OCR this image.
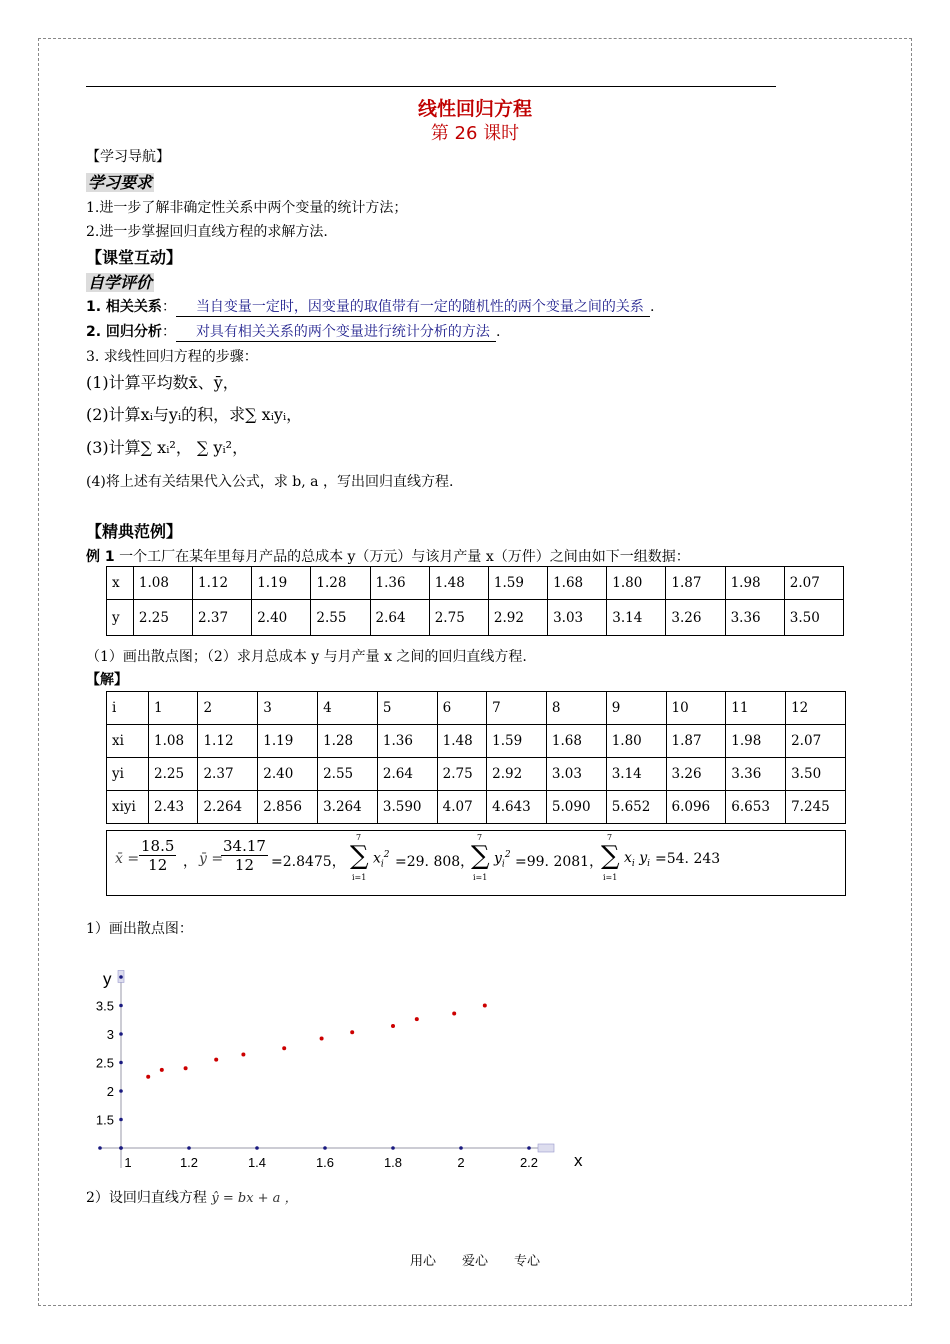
线性回归方程
第 26 课时
【学习导航】
学习要求
1.进一步了解非确定性关系中两个变量的统计方法；
2.进一步掌握回归直线方程的求解方法.
【课堂互动】
自学评价
1. 相关关系： 当自变量一定时，因变量的取值带有一定的随机性的两个变量之间的关系 .
2. 回归分析： 对具有相关关系的两个变量进行统计分析的方法 .
3. 求线性回归方程的步骤：
(1)计算平均数x̄、ȳ，
(2)计算xᵢ与yᵢ的积，求∑ xᵢyᵢ，
(3)计算∑ xᵢ²， ∑ yᵢ²，
(4)将上述有关结果代入公式，求 b, a ，写出回归直线方程.
【精典范例】
例 1 一个工厂在某年里每月产品的总成本 y（万元）与该月产量 x（万件）之间由如下一组数据：
x	1.08	1.12	1.19	1.28	1.36	1.48	1.59	1.68	1.80	1.87	1.98	2.07
y	2.25	2.37	2.40	2.55	2.64	2.75	2.92	3.03	3.14	3.26	3.36	3.50
（1）画出散点图；（2）求月总成本 y 与月产量 x 之间的回归直线方程.
【解】
i	1	2	3	4	5	6	7	8	9	10	11	12
xi	1.08	1.12	1.19	1.28	1.36	1.48	1.59	1.68	1.80	1.87	1.98	2.07
yi	2.25	2.37	2.40	2.55	2.64	2.75	2.92	3.03	3.14	3.26	3.36	3.50
xiyi	2.43	2.264	2.856	3.264	3.590	4.07	4.643	5.090	5.652	6.096	6.653	7.245
x̄ = $\frac{18.5}{12}$ ， ȳ =
$\frac{34.17}{12} =2.8475$，
7
∑
i=1
$x_i^2 =29$. 808，
7
∑
i=1
$y_i^2 =99$. 2081，
7
∑
i=1
$x_i$ $y_i =54$. 243
1）画出散点图：
x
y
1	1.2	1.4	1.6	1.8	2	2.2
1.5
2
2.5
3
3.5
2）设回归直线方程 ŷ = bx + a ，
用心　　爱心　　专心
